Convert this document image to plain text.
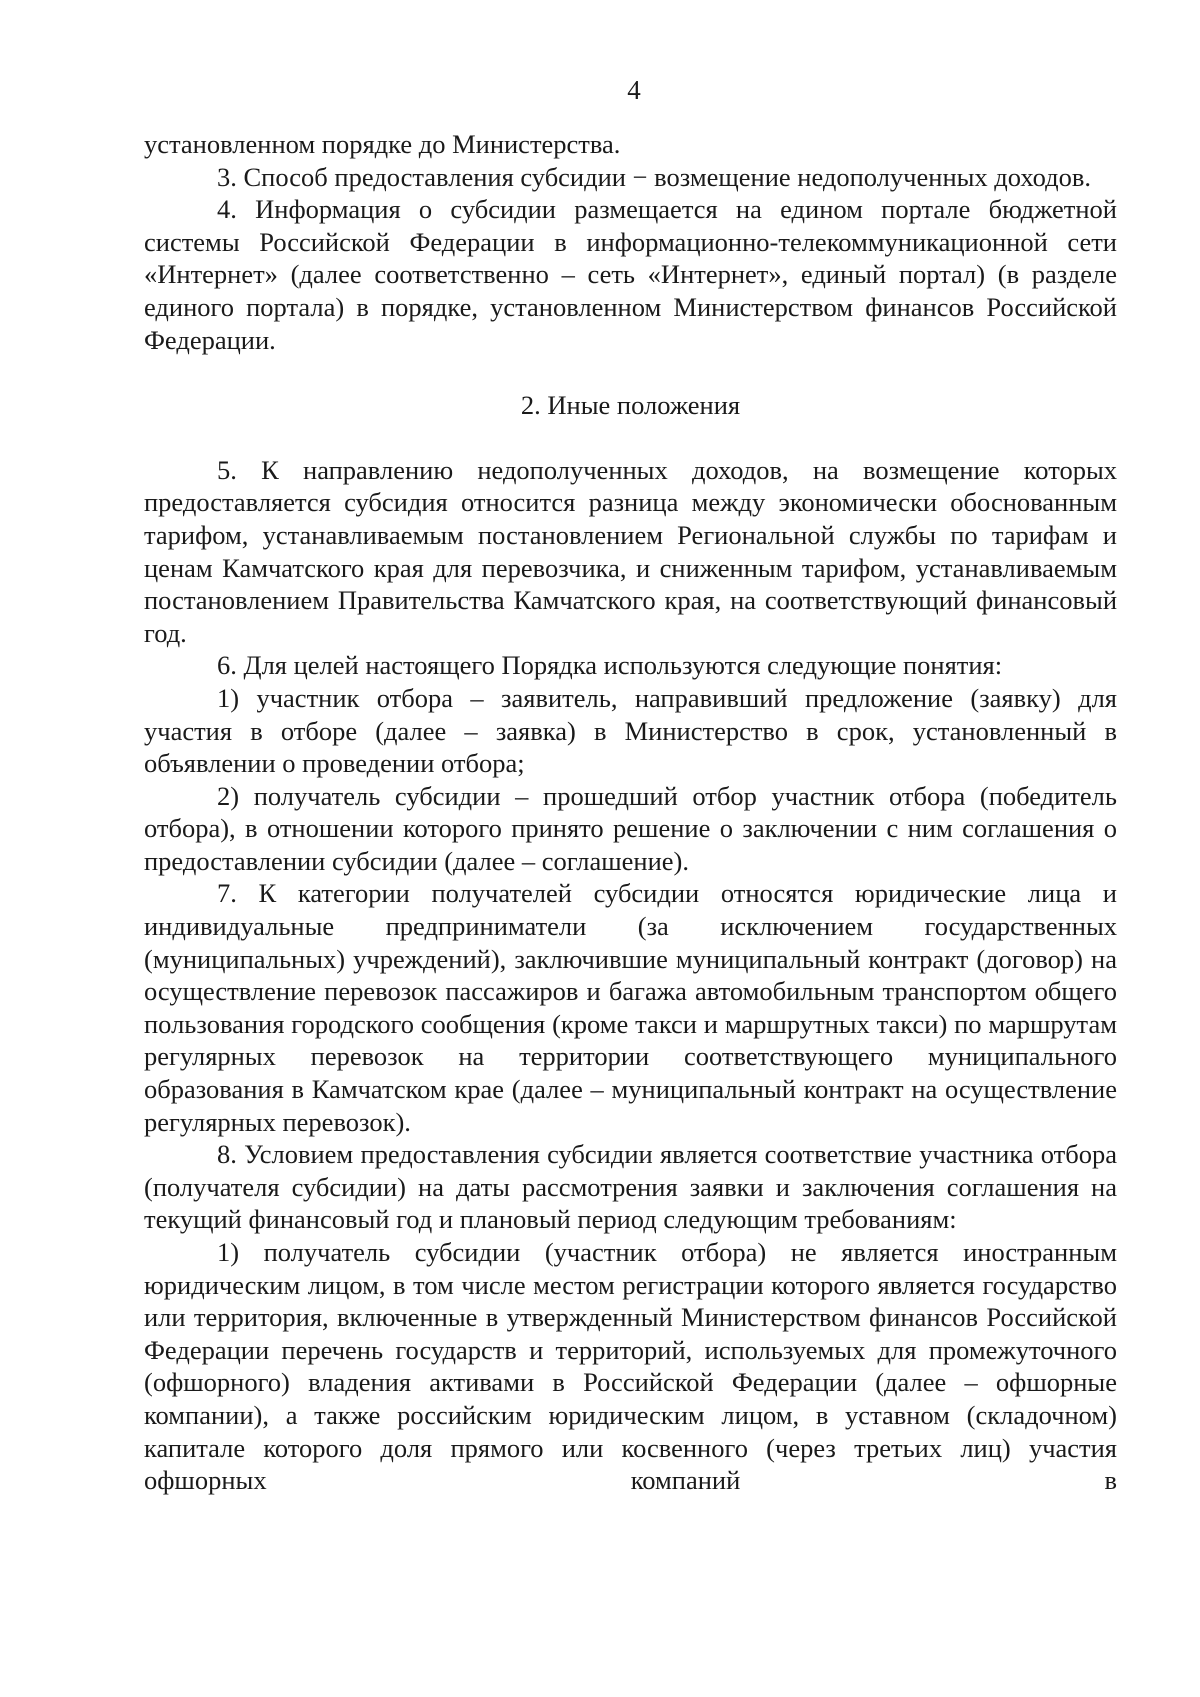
4

установленном порядке до Министерства.

3. Способ предоставления субсидии − возмещение недополученных доходов.

4. Информация о субсидии размещается на едином портале бюджетной системы Российской Федерации в информационно-телекоммуникационной сети «Интернет» (далее соответственно – сеть «Интернет», единый портал) (в разделе единого портала) в порядке, установленном Министерством финансов Российской Федерации.

2. Иные положения

5. К направлению недополученных доходов, на возмещение которых предоставляется субсидия относится разница между экономически обоснованным тарифом, устанавливаемым постановлением Региональной службы по тарифам и ценам Камчатского края для перевозчика, и сниженным тарифом, устанавливаемым постановлением Правительства Камчатского края, на соответствующий финансовый год.

6. Для целей настоящего Порядка используются следующие понятия:

1) участник отбора ‒ заявитель, направивший предложение (заявку) для участия в отборе (далее – заявка) в Министерство в срок, установленный в объявлении о проведении отбора;

2) получатель субсидии ‒ прошедший отбор участник отбора (победитель отбора), в отношении которого принято решение о заключении с ним соглашения о предоставлении субсидии (далее – соглашение).

7. К категории получателей субсидии относятся юридические лица и индивидуальные предприниматели (за исключением государственных (муниципальных) учреждений), заключившие муниципальный контракт (договор) на осуществление перевозок пассажиров и багажа автомобильным транспортом общего пользования городского сообщения (кроме такси и маршрутных такси) по маршрутам регулярных перевозок на территории соответствующего муниципального образования в Камчатском крае (далее – муниципальный контракт на осуществление регулярных перевозок).

8. Условием предоставления субсидии является соответствие участника отбора (получателя субсидии) на даты рассмотрения заявки и заключения соглашения на текущий финансовый год и плановый период следующим требованиям:

1) получатель субсидии (участник отбора) не является иностранным юридическим лицом, в том числе местом регистрации которого является государство или территория, включенные в утвержденный Министерством финансов Российской Федерации перечень государств и территорий, используемых для промежуточного (офшорного) владения активами в Российской Федерации (далее – офшорные компании), а также российским юридическим лицом, в уставном (складочном) капитале которого доля прямого или косвенного (через третьих лиц) участия офшорных компаний в
